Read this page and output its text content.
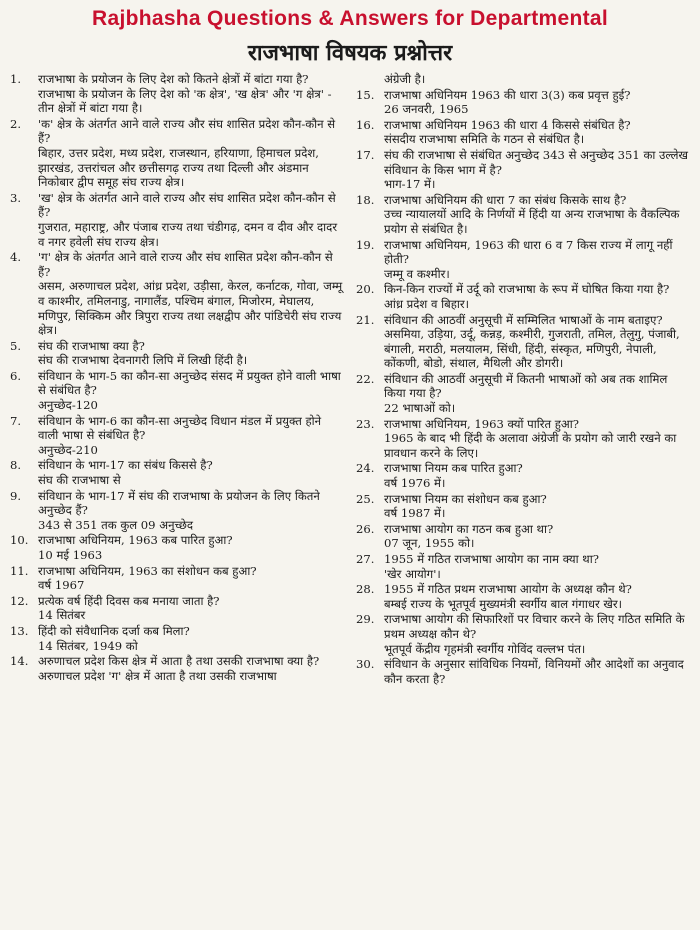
Rajbhasha Questions & Answers for Departmental
राजभाषा विषयक प्रश्नोत्तर
1.	राजभाषा के प्रयोजन के लिए देश को कितने क्षेत्रों में बांटा गया है?
राजभाषा के प्रयोजन के लिए देश को 'क क्षेत्र', 'ख क्षेत्र' और 'ग क्षेत्र' - तीन क्षेत्रों में बांटा गया है।
2.	'क' क्षेत्र के अंतर्गत आने वाले राज्य और संघ शासित प्रदेश कौन-कौन से हैं?
बिहार, उत्तर प्रदेश, मध्य प्रदेश, राजस्थान, हरियाणा, हिमाचल प्रदेश, झारखंड, उत्तरांचल और छत्तीसगढ़ राज्य तथा दिल्ली और अंडमान निकोबार द्वीप समूह संघ राज्य क्षेत्र।
3.	'ख' क्षेत्र के अंतर्गत आने वाले राज्य और संघ शासित प्रदेश कौन-कौन से हैं?
गुजरात, महाराष्ट्र, और पंजाब राज्य तथा चंडीगढ़, दमन व दीव और दादर व नगर हवेली संघ राज्य क्षेत्र।
4.	'ग' क्षेत्र के अंतर्गत आने वाले राज्य और संघ शासित प्रदेश कौन-कौन से हैं?
असम, अरुणाचल प्रदेश, आंध्र प्रदेश, उड़ीसा, केरल, कर्नाटक, गोवा, जम्मू व काश्मीर, तमिलनाडु, नागालैंड, पश्चिम बंगाल, मिजोरम, मेघालय, मणिपुर, सिक्किम और त्रिपुरा राज्य तथा लक्षद्वीप और पांडिचेरी संघ राज्य क्षेत्र।
5.	संघ की राजभाषा क्या है?
संघ की राजभाषा देवनागरी लिपि में लिखी हिंदी है।
6.	संविधान के भाग-5 का कौन-सा अनुच्छेद संसद में प्रयुक्त होने वाली भाषा से संबंधित है?
अनुच्छेद-120
7.	संविधान के भाग-6 का कौन-सा अनुच्छेद विधान मंडल में प्रयुक्त होने वाली भाषा से संबंधित है?
अनुच्छेद-210
8.	संविधान के भाग-17 का संबंध किससे है?
संघ की राजभाषा से
9.	संविधान के भाग-17 में संघ की राजभाषा के प्रयोजन के लिए कितने अनुच्छेद हैं?
343 से 351 तक कुल 09 अनुच्छेद
10. राजभाषा अधिनियम, 1963 कब पारित हुआ?
10 मई 1963
11. राजभाषा अधिनियम, 1963 का संशोधन कब हुआ?
वर्ष 1967
12. प्रत्येक वर्ष हिंदी दिवस कब मनाया जाता है?
14 सितंबर
13. हिंदी को संवैधानिक दर्जा कब मिला?
14 सितंबर, 1949 को
14. अरुणाचल प्रदेश किस क्षेत्र में आता है तथा उसकी राजभाषा क्या है?
अरुणाचल प्रदेश 'ग' क्षेत्र में आता है तथा उसकी राजभाषा
अंग्रेजी है।
15. राजभाषा अधिनियम 1963 की धारा 3(3) कब प्रवृत्त हुई?
26 जनवरी, 1965
16. राजभाषा अधिनियम 1963 की धारा 4 किससे संबंधित है?
संसदीय राजभाषा समिति के गठन से संबंधित है।
17. संघ की राजभाषा से संबंधित अनुच्छेद 343 से अनुच्छेद 351 का उल्लेख संविधान के किस भाग में है?
भाग-17 में।
18. राजभाषा अधिनियम की धारा 7 का संबंध किसके साथ है?
उच्च न्यायालयों आदि के निर्णयों में हिंदी या अन्य राजभाषा के वैकल्पिक प्रयोग से संबंधित है।
19. राजभाषा अधिनियम, 1963 की धारा 6 व 7 किस राज्य में लागू नहीं होती?
जम्मू व कश्मीर।
20. किन-किन राज्यों में उर्दू को राजभाषा के रूप में घोषित किया गया है?
आंध्र प्रदेश व बिहार।
21. संविधान की आठवीं अनुसूची में सम्मिलित भाषाओं के नाम बताइए?
असमिया, उड़िया, उर्दू, कन्नड़, कश्मीरी, गुजराती, तमिल, तेलुगु, पंजाबी, बंगाली, मराठी, मलयालम, सिंधी, हिंदी, संस्कृत, मणिपुरी, नेपाली, कोंकणी, बोडो, संथाल, मैथिली और डोगरी।
22. संविधान की आठवीं अनुसूची में कितनी भाषाओं को अब तक शामिल किया गया है?
22 भाषाओं को।
23. राजभाषा अधिनियम, 1963 क्यों पारित हुआ?
1965 के बाद भी हिंदी के अलावा अंग्रेजी के प्रयोग को जारी रखने का प्रावधान करने के लिए।
24. राजभाषा नियम कब पारित हुआ?
वर्ष 1976 में।
25. राजभाषा नियम का संशोधन कब हुआ?
वर्ष 1987 में।
26. राजभाषा आयोग का गठन कब हुआ था?
07 जून, 1955 को।
27. 1955 में गठित राजभाषा आयोग का नाम क्या था?
'खेर आयोग'।
28. 1955 में गठित प्रथम राजभाषा आयोग के अध्यक्ष कौन थे?
बम्बई राज्य के भूतपूर्व मुख्यमंत्री स्वर्गीय बाल गंगाधर खेर।
29. राजभाषा आयोग की सिफारिशों पर विचार करने के लिए गठित समिति के प्रथम अध्यक्ष कौन थे?
भूतपूर्व केंद्रीय गृहमंत्री स्वर्गीय गोविंद वल्लभ पंत।
30. संविधान के अनुसार सांविधिक नियमों, विनियमों और आदेशों का अनुवाद कौन करता है?
